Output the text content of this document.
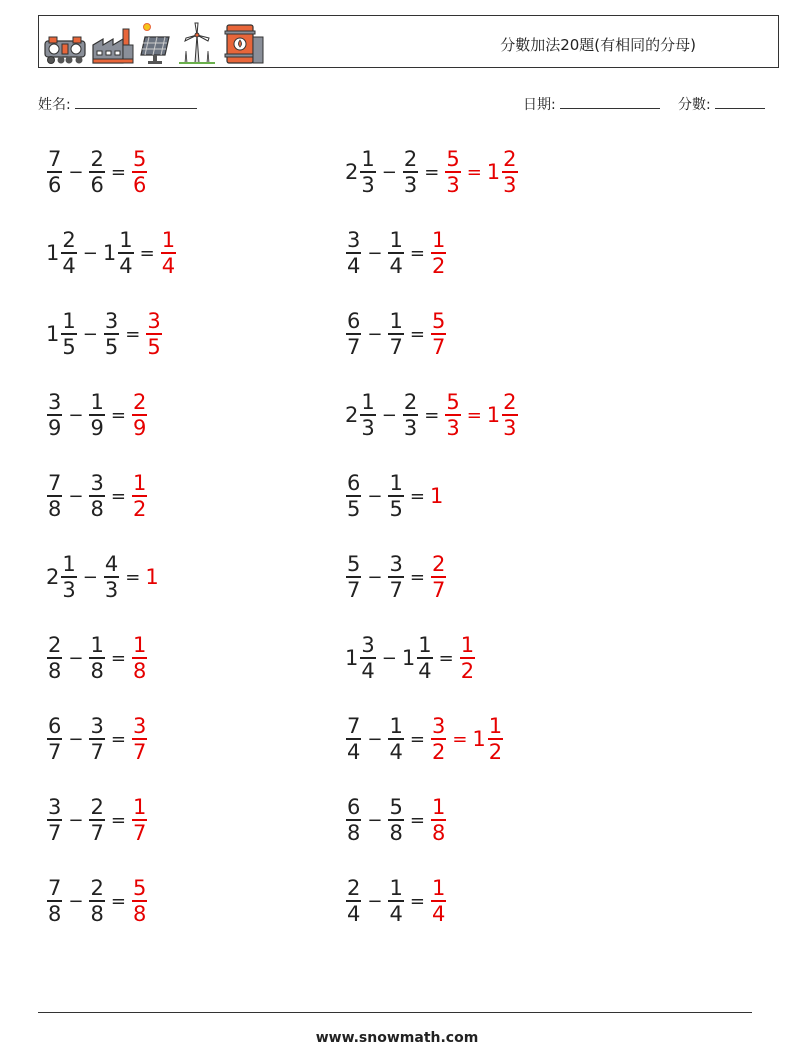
分數加法20題(有相同的分母)
姓名:	日期:	分數:
$\frac{7}{6} - \frac{2}{6} = \frac{5}{6}$	$2 \frac{1}{3} - \frac{2}{3} = \frac{5}{3} = 1 \frac{2}{3}$
$1 \frac{2}{4} - 1 \frac{1}{4} = \frac{1}{4}$	$\frac{3}{4} - \frac{1}{4} = \frac{1}{2}$
$1 \frac{1}{5} - \frac{3}{5} = \frac{3}{5}$	$\frac{6}{7} - \frac{1}{7} = \frac{5}{7}$
$\frac{3}{9} - \frac{1}{9} = \frac{2}{9}$	$2 \frac{1}{3} - \frac{2}{3} = \frac{5}{3} = 1 \frac{2}{3}$
$\frac{7}{8} - \frac{3}{8} = \frac{1}{2}$	$\frac{6}{5} - \frac{1}{5} = 1$
$2 \frac{1}{3} - \frac{4}{3} = 1$	$\frac{5}{7} - \frac{3}{7} = \frac{2}{7}$
$\frac{2}{8} - \frac{1}{8} = \frac{1}{8}$	$1 \frac{3}{4} - 1 \frac{1}{4} = \frac{1}{2}$
$\frac{6}{7} - \frac{3}{7} = \frac{3}{7}$	$\frac{7}{4} - \frac{1}{4} = \frac{3}{2} = 1 \frac{1}{2}$
$\frac{3}{7} - \frac{2}{7} = \frac{1}{7}$	$\frac{6}{8} - \frac{5}{8} = \frac{1}{8}$
$\frac{7}{8} - \frac{2}{8} = \frac{5}{8}$	$\frac{2}{4} - \frac{1}{4} = \frac{1}{4}$
www.snowmath.com
